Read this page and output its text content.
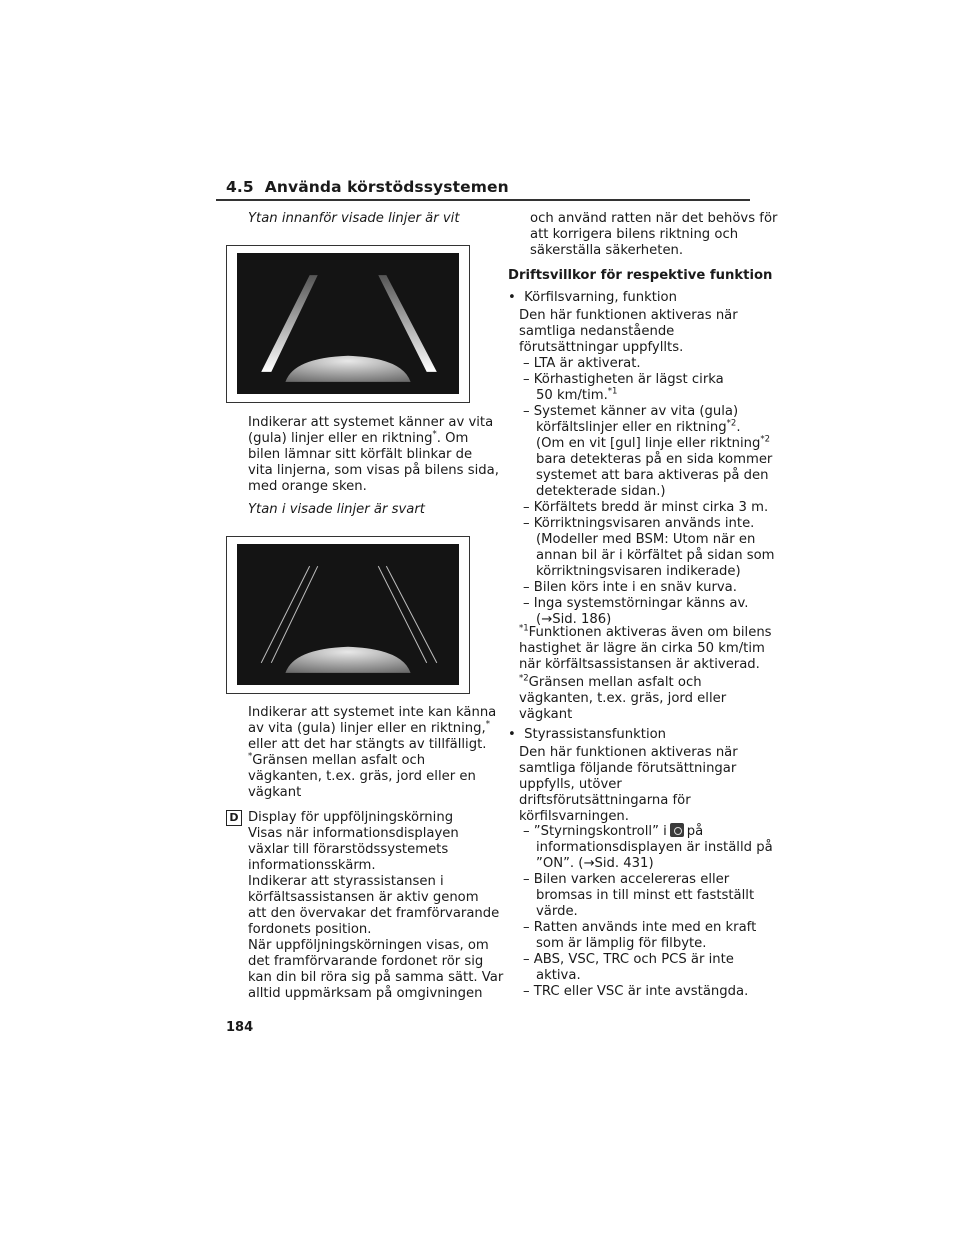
4.5 Använda körstödssystemen
Ytan innanför visade linjer är vit

Indikerar att systemet känner av vita

(gula) linjer eller en riktning*. Om

bilen lämnar sitt körfält blinkar de

vita linjerna, som visas på bilens sida,

med orange sken.

Ytan i visade linjer är svart

Indikerar att systemet inte kan känna

av vita (gula) linjer eller en riktning,*

eller att det har stängts av tillfälligt.

*Gränsen mellan asfalt och

vägkanten, t.ex. gräs, jord eller en

vägkant

D Display för uppföljningskörning

Visas när informationsdisplayen

växlar till förarstödssystemets

informationsskärm.

Indikerar att styrassistansen i

körfältsassistansen är aktiv genom

att den övervakar det framförvarande

fordonets position.

När uppföljningskörningen visas, om

det framförvarande fordonet rör sig

kan din bil röra sig på samma sätt. Var

alltid uppmärksam på omgivningen

och använd ratten när det behövs för

att korrigera bilens riktning och

säkerställa säkerheten.

Driftsvillkor för respektive funktion
•  Körfilsvarning, funktion

Den här funktionen aktiveras när

samtliga nedanstående

förutsättningar uppfyllts.

– LTA är aktiverat.

– Körhastigheten är lägst cirka

50 km/tim.$^{*1}$

– Systemet känner av vita (gula)

körfältslinjer eller en riktning$^{*2}$.

(Om en vit [gul] linje eller riktning$^{*2}$

bara detekteras på en sida kommer

systemet att bara aktiveras på den

detekterade sidan.)

– Körfältets bredd är minst cirka 3 m.

– Körriktningsvisaren används inte.

(Modeller med BSM: Utom när en

annan bil är i körfältet på sidan som

körriktningsvisaren indikerade)

– Bilen körs inte i en snäv kurva.

– Inga systemstörningar känns av.

(→Sid. 186)

$^{*1}$Funktionen aktiveras även om bilens

hastighet är lägre än cirka 50 km/tim

när körfältsassistansen är aktiverad.

$^{*2}$Gränsen mellan asfalt och

vägkanten, t.ex. gräs, jord eller

vägkant

•  Styrassistansfunktion

Den här funktionen aktiveras när

samtliga följande förutsättningar

uppfylls, utöver

driftsförutsättningarna för

körfilsvarningen.

– ”Styrningskontroll” i på

informationsdisplayen är inställd på

”ON”. (→Sid. 431)

– Bilen varken accelereras eller

bromsas in till minst ett fastställt

värde.

– Ratten används inte med en kraft

som är lämplig för filbyte.

– ABS, VSC, TRC och PCS är inte

aktiva.

– TRC eller VSC är inte avstängda.

184
